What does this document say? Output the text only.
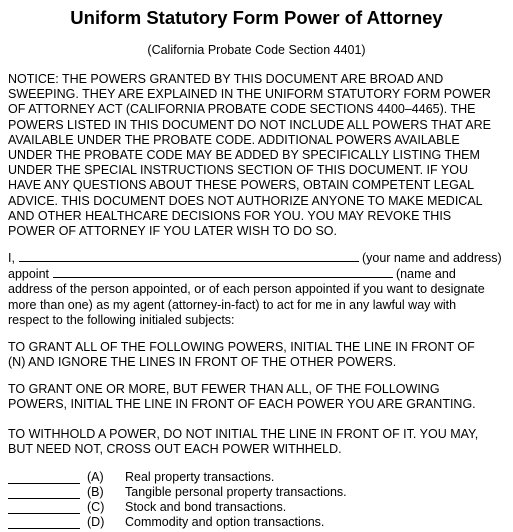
Uniform Statutory Form Power of Attorney
(California Probate Code Section 4401)
NOTICE: THE POWERS GRANTED BY THIS DOCUMENT ARE BROAD AND
SWEEPING. THEY ARE EXPLAINED IN THE UNIFORM STATUTORY FORM POWER
OF ATTORNEY ACT (CALIFORNIA PROBATE CODE SECTIONS 4400–4465). THE
POWERS LISTED IN THIS DOCUMENT DO NOT INCLUDE ALL POWERS THAT ARE
AVAILABLE UNDER THE PROBATE CODE. ADDITIONAL POWERS AVAILABLE
UNDER THE PROBATE CODE MAY BE ADDED BY SPECIFICALLY LISTING THEM
UNDER THE SPECIAL INSTRUCTIONS SECTION OF THIS DOCUMENT. IF YOU
HAVE ANY QUESTIONS ABOUT THESE POWERS, OBTAIN COMPETENT LEGAL
ADVICE. THIS DOCUMENT DOES NOT AUTHORIZE ANYONE TO MAKE MEDICAL
AND OTHER HEALTHCARE DECISIONS FOR YOU. YOU MAY REVOKE THIS
POWER OF ATTORNEY IF YOU LATER WISH TO DO SO.
I,	(your name and address)
appoint	(name and
address of the person appointed, or of each person appointed if you want to designate
more than one) as my agent (attorney-in-fact) to act for me in any lawful way with
respect to the following initialed subjects:
TO GRANT ALL OF THE FOLLOWING POWERS, INITIAL THE LINE IN FRONT OF
(N) AND IGNORE THE LINES IN FRONT OF THE OTHER POWERS.
TO GRANT ONE OR MORE, BUT FEWER THAN ALL, OF THE FOLLOWING
POWERS, INITIAL THE LINE IN FRONT OF EACH POWER YOU ARE GRANTING.
TO WITHHOLD A POWER, DO NOT INITIAL THE LINE IN FRONT OF IT. YOU MAY,
BUT NEED NOT, CROSS OUT EACH POWER WITHHELD.
(A) Real property transactions.
(B) Tangible personal property transactions.
(C) Stock and bond transactions.
(D) Commodity and option transactions.
